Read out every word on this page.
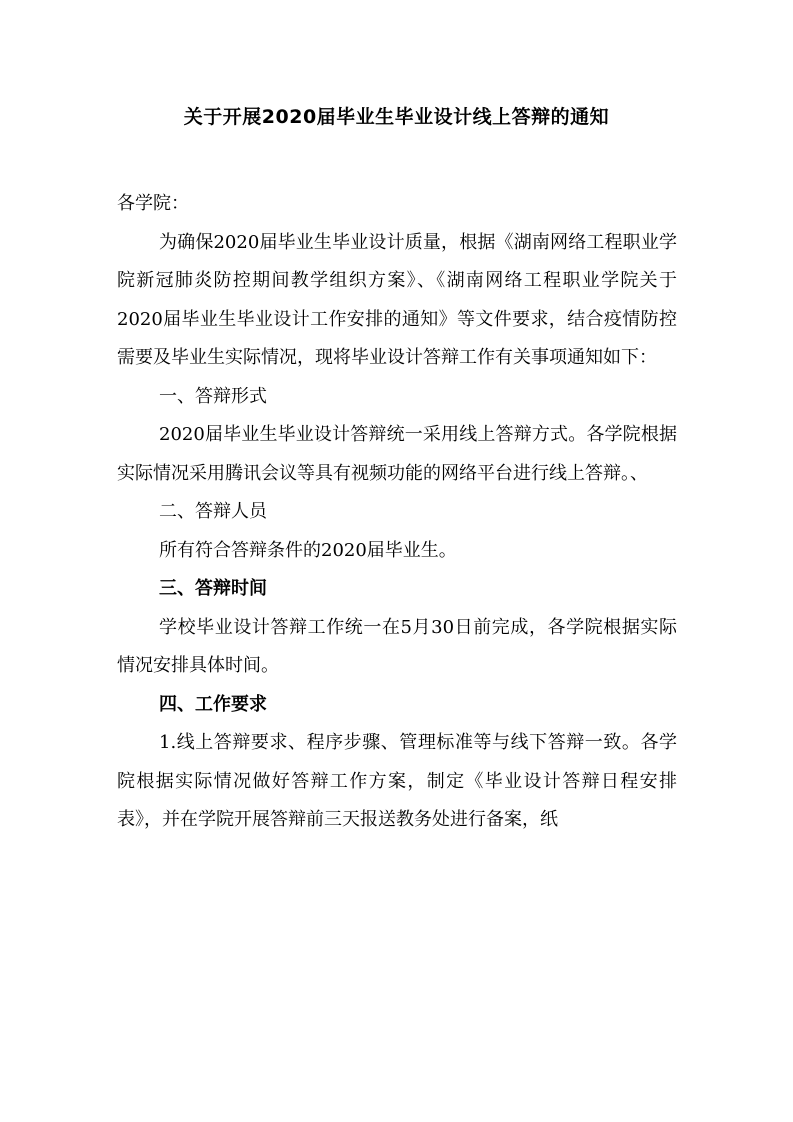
关于开展2020届毕业生毕业设计线上答辩的通知

各学院：

为确保2020届毕业生毕业设计质量，根据《湖南网络工程职业学院新冠肺炎防控期间教学组织方案》、《湖南网络工程职业学院关于2020届毕业生毕业设计工作安排的通知》等文件要求，结合疫情防控需要及毕业生实际情况，现将毕业设计答辩工作有关事项通知如下：

一、答辩形式

2020届毕业生毕业设计答辩统一采用线上答辩方式。各学院根据实际情况采用腾讯会议等具有视频功能的网络平台进行线上答辩。、

二、答辩人员

所有符合答辩条件的2020届毕业生。

三、答辩时间

学校毕业设计答辩工作统一在5月30日前完成，各学院根据实际情况安排具体时间。

四、工作要求

1.线上答辩要求、程序步骤、管理标准等与线下答辩一致。各学院根据实际情况做好答辩工作方案，制定《毕业设计答辩日程安排表》，并在学院开展答辩前三天报送教务处进行备案，纸
